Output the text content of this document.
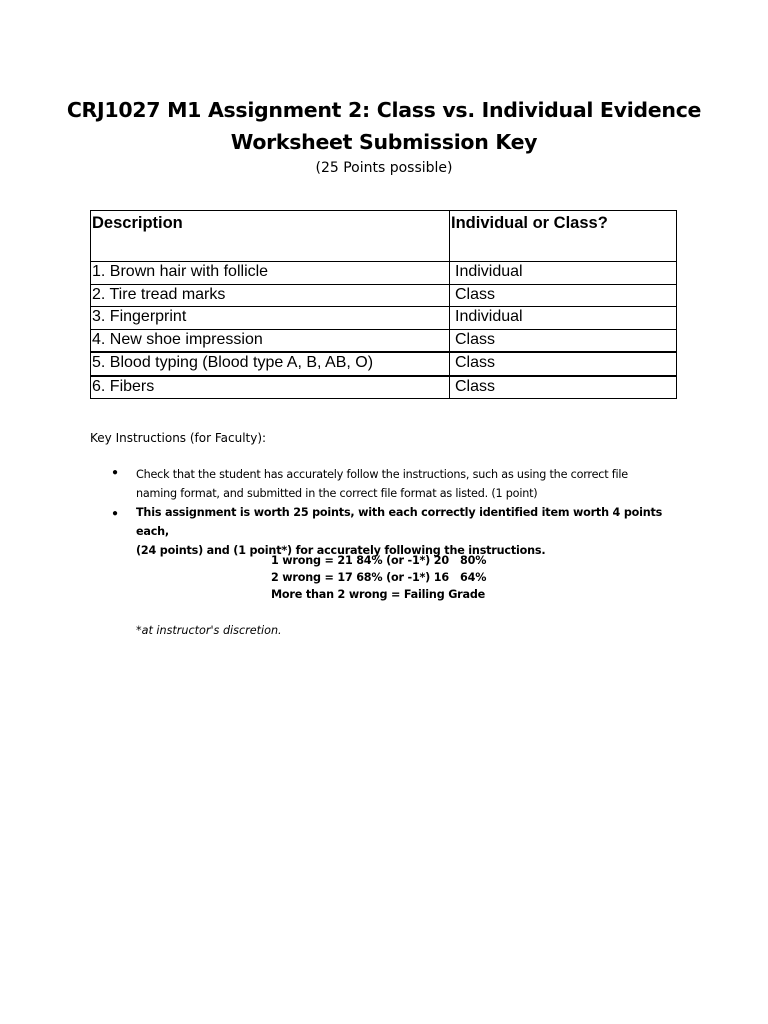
CRJ1027 M1 Assignment 2: Class vs. Individual Evidence
Worksheet Submission Key
(25 Points possible)
Description	Individual or Class?
1. Brown hair with follicle	Individual
2. Tire tread marks	Class
3. Fingerprint	Individual
4. New shoe impression	Class
5. Blood typing (Blood type A, B, AB, O)	Class
6. Fibers	Class
Key Instructions (for Faculty):
● Check that the student has accurately follow the instructions, such as using the correct file
naming format, and submitted in the correct file format as listed. (1 point)
● This assignment is worth 25 points, with each correctly identified item worth 4 points each,
(24 points) and (1 point*) for accurately following the instructions.
1 wrong = 21 84% (or -1*) 20   80%
2 wrong = 17 68% (or -1*) 16   64%
More than 2 wrong = Failing Grade
*at instructor's discretion.
